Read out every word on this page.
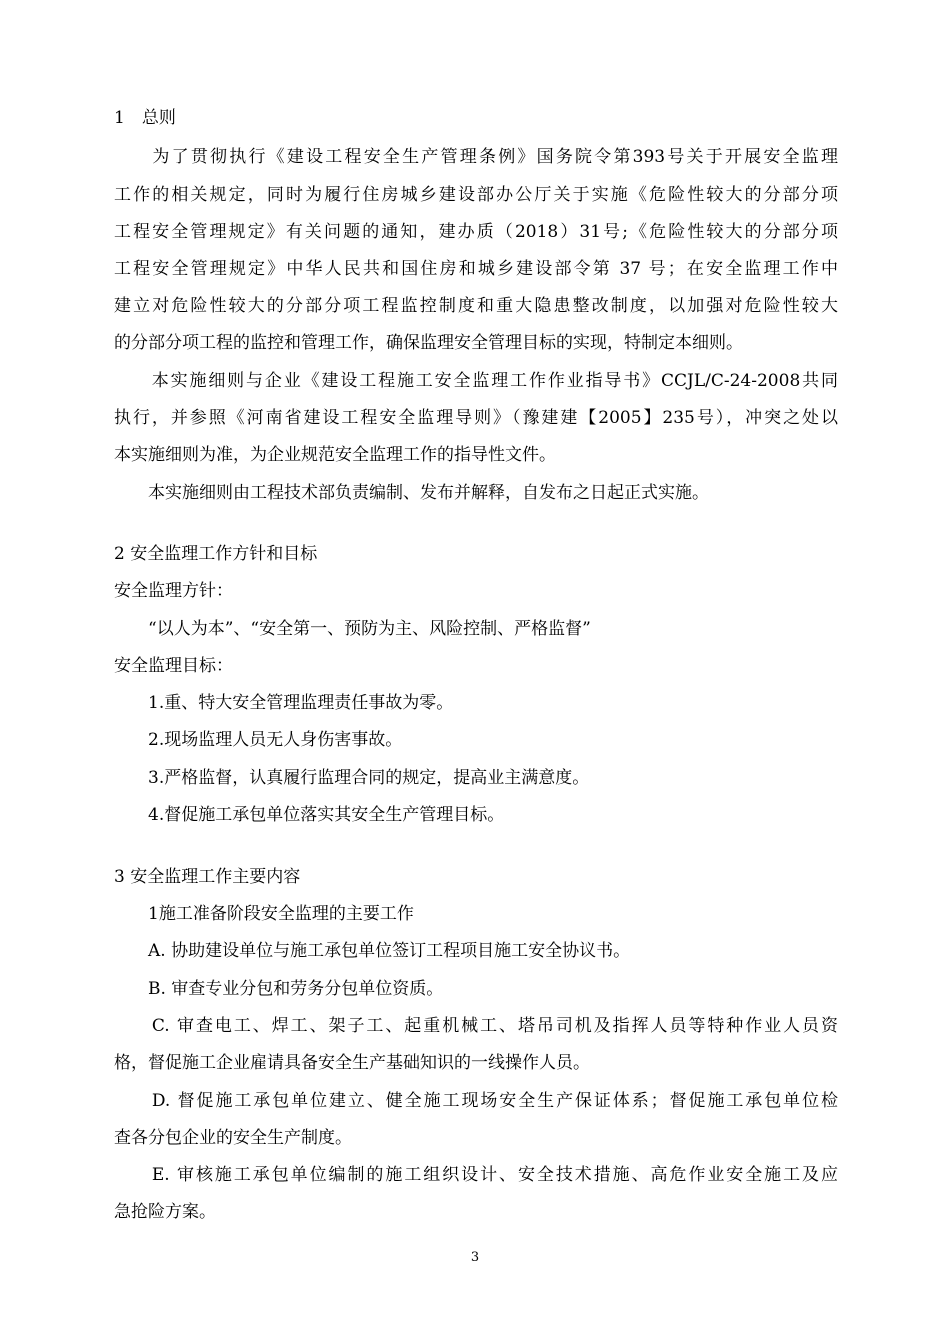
1　总则

　　为了贯彻执行《建设工程安全生产管理条例》国务院令第393号关于开展安全监理

工作的相关规定，同时为履行住房城乡建设部办公厅关于实施《危险性较大的分部分项

工程安全管理规定》有关问题的通知，建办质（2018）31号;《危险性较大的分部分项

工程安全管理规定》中华人民共和国住房和城乡建设部令第 37 号；在安全监理工作中

建立对危险性较大的分部分项工程监控制度和重大隐患整改制度，以加强对危险性较大

的分部分项工程的监控和管理工作，确保监理安全管理目标的实现，特制定本细则。

　　本实施细则与企业《建设工程施工安全监理工作作业指导书》CCJL/C-24-2008共同

执行，并参照《河南省建设工程安全监理导则》（豫建建【2005】235号），冲突之处以

本实施细则为准，为企业规范安全监理工作的指导性文件。

　　本实施细则由工程技术部负责编制、发布并解释，自发布之日起正式实施。

2 安全监理工作方针和目标

安全监理方针：

　　“以人为本”、“安全第一、预防为主、风险控制、严格监督”

安全监理目标：

　　1.重、特大安全管理监理责任事故为零。

　　2.现场监理人员无人身伤害事故。

　　3.严格监督，认真履行监理合同的规定，提高业主满意度。

　　4.督促施工承包单位落实其安全生产管理目标。

3 安全监理工作主要内容

　　1施工准备阶段安全监理的主要工作

　　A. 协助建设单位与施工承包单位签订工程项目施工安全协议书。

　　B. 审查专业分包和劳务分包单位资质。

　　C. 审查电工、焊工、架子工、起重机械工、塔吊司机及指挥人员等特种作业人员资

格，督促施工企业雇请具备安全生产基础知识的一线操作人员。

　　D. 督促施工承包单位建立、健全施工现场安全生产保证体系；督促施工承包单位检

查各分包企业的安全生产制度。

　　E. 审核施工承包单位编制的施工组织设计、安全技术措施、高危作业安全施工及应

急抢险方案。

3
